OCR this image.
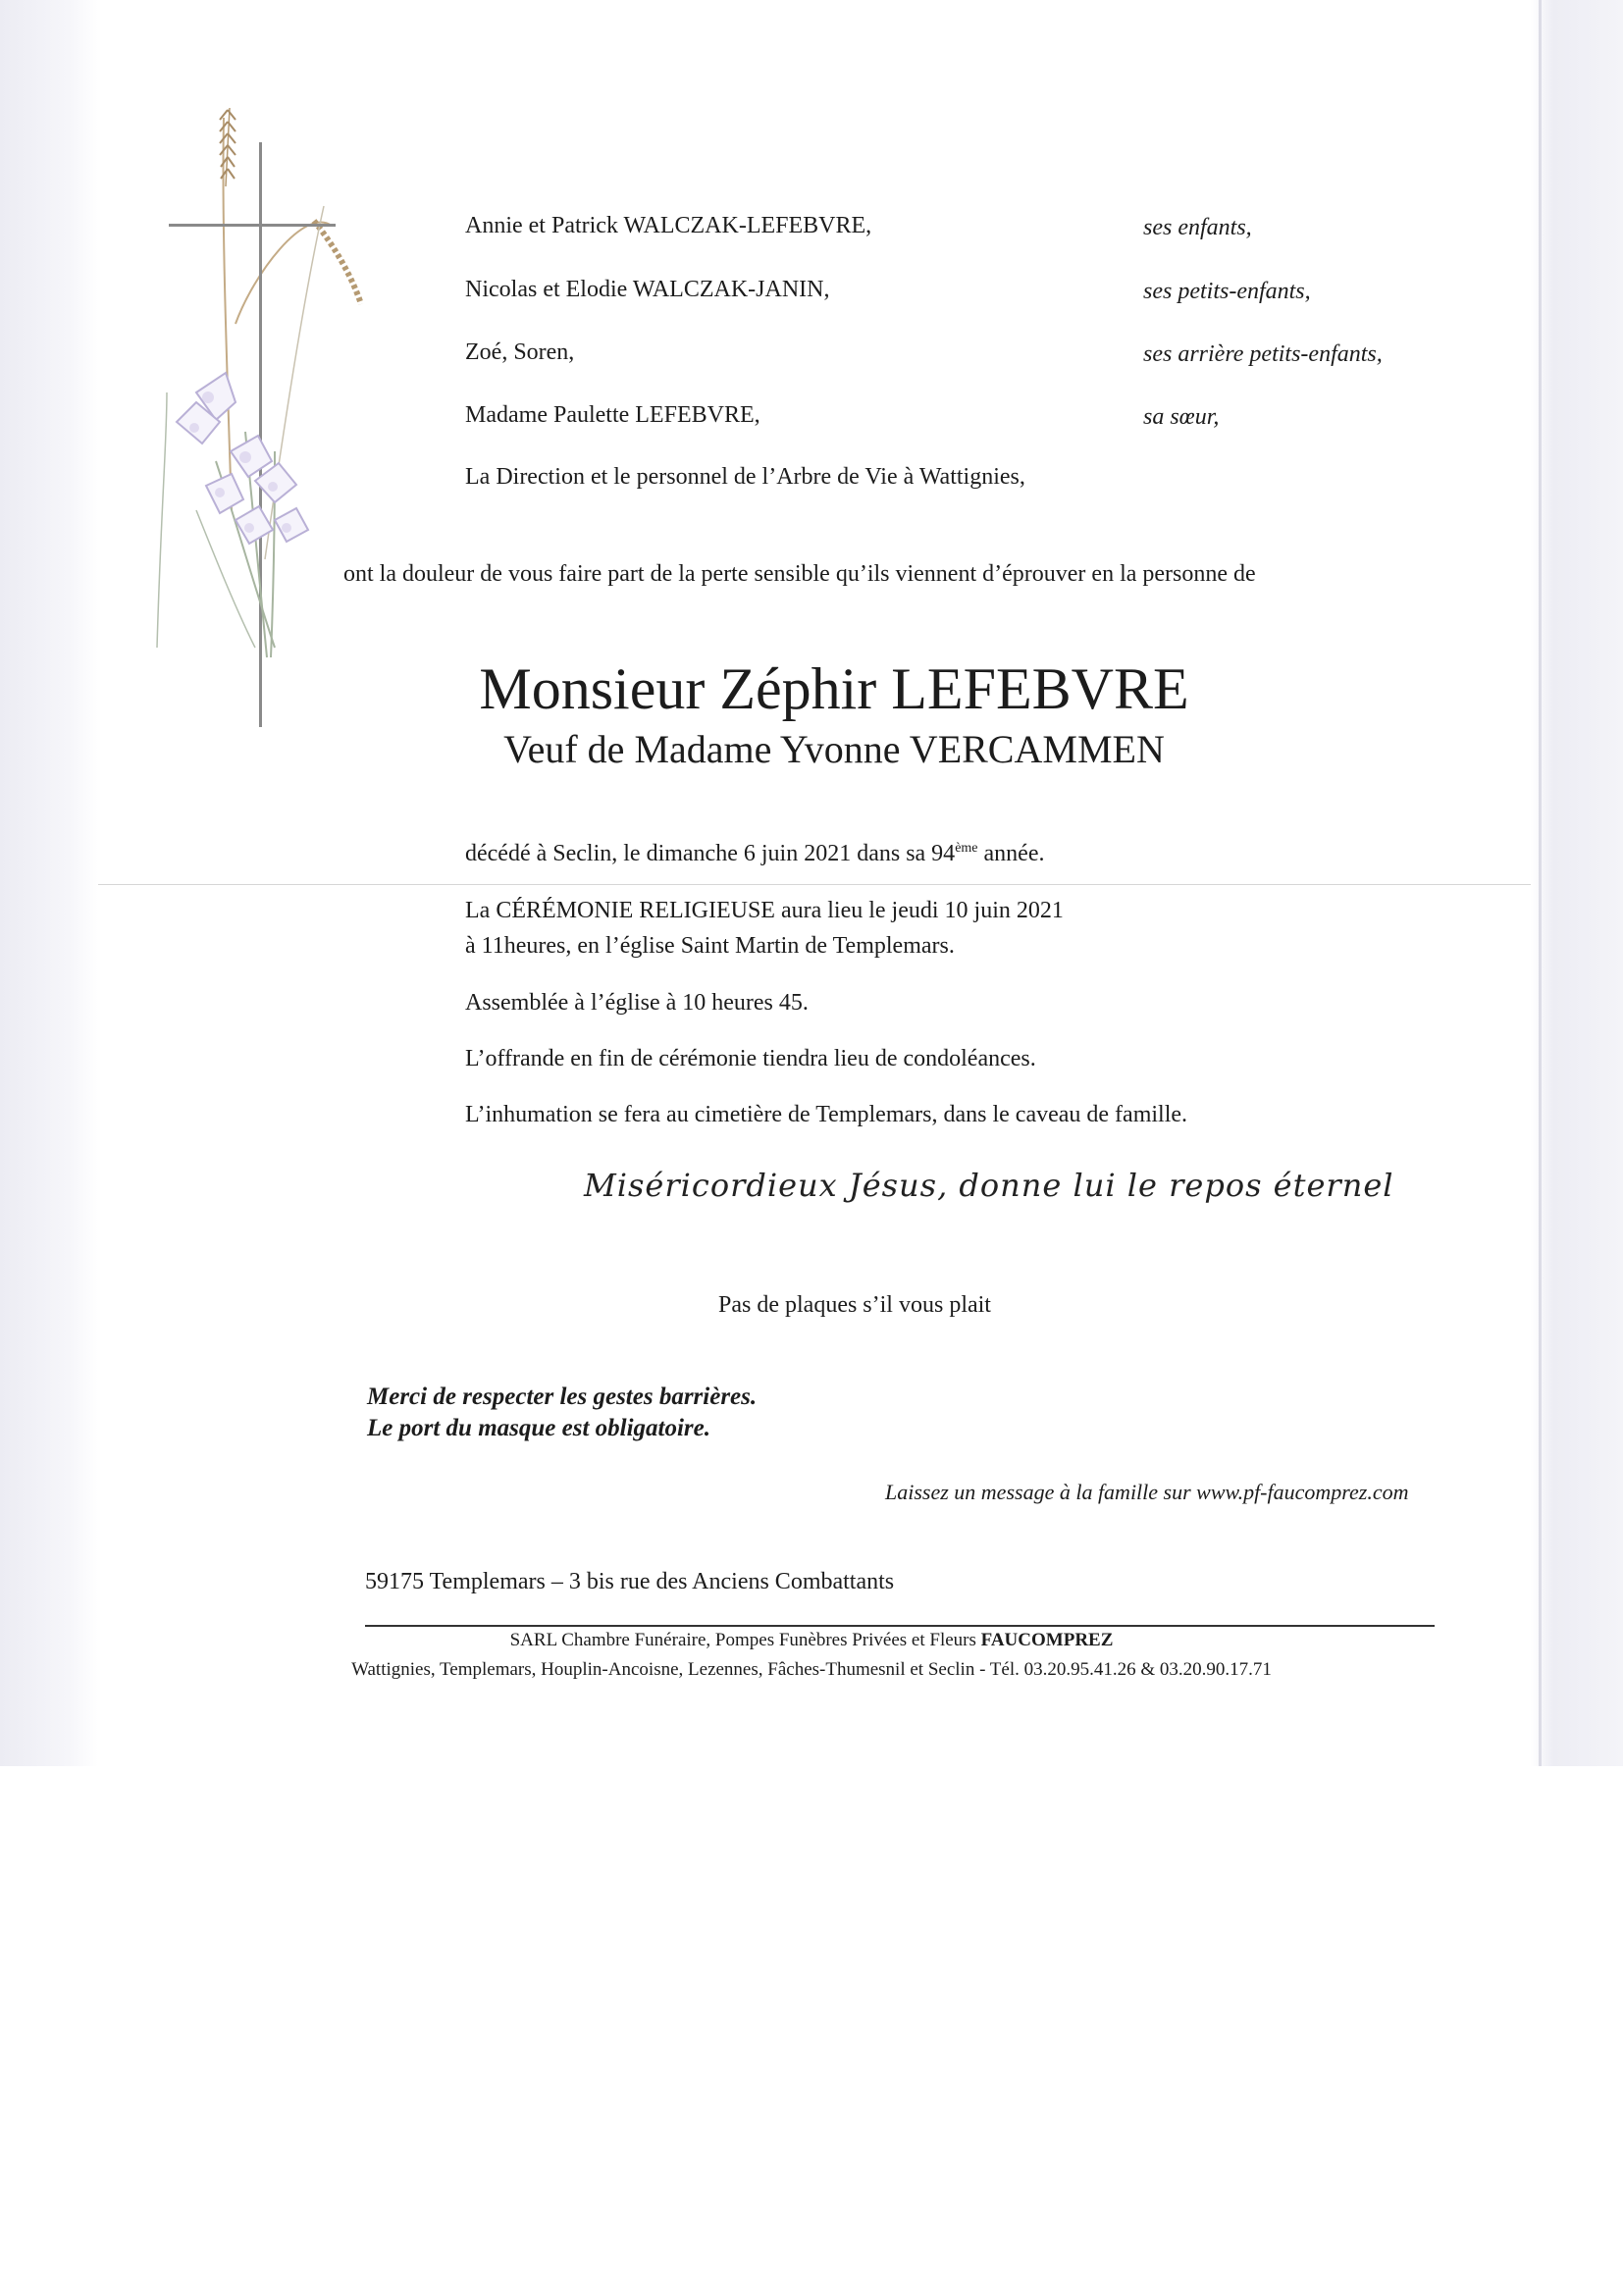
Annie et Patrick WALCZAK-LEFEBVRE,	ses enfants,
Nicolas et Elodie WALCZAK-JANIN,	ses petits-enfants,
Zoé, Soren,	ses arrière petits-enfants,
Madame Paulette LEFEBVRE,	sa sœur,
La Direction et le personnel de l’Arbre de Vie à Wattignies,
ont la douleur de vous faire part de la perte sensible qu’ils viennent d’éprouver en la personne de
Monsieur Zéphir LEFEBVRE
Veuf de Madame Yvonne VERCAMMEN
décédé à Seclin, le dimanche 6 juin 2021 dans sa 94ème année.
La CÉRÉMONIE RELIGIEUSE aura lieu le jeudi 10 juin 2021
à 11heures, en l’église Saint Martin de Templemars.
Assemblée à l’église à 10 heures 45.
L’offrande en fin de cérémonie tiendra lieu de condoléances.
L’inhumation se fera au cimetière de Templemars, dans le caveau de famille.
Miséricordieux Jésus, donne lui le repos éternel
Pas de plaques s’il vous plait
Merci de respecter les gestes barrières.
Le port du masque est obligatoire.
Laissez un message à la famille sur www.pf-faucomprez.com
59175 Templemars – 3 bis rue des Anciens Combattants
SARL Chambre Funéraire, Pompes Funèbres Privées et Fleurs FAUCOMPREZ
Wattignies, Templemars, Houplin-Ancoisne, Lezennes, Fâches-Thumesnil et Seclin - Tél. 03.20.95.41.26 & 03.20.90.17.71
